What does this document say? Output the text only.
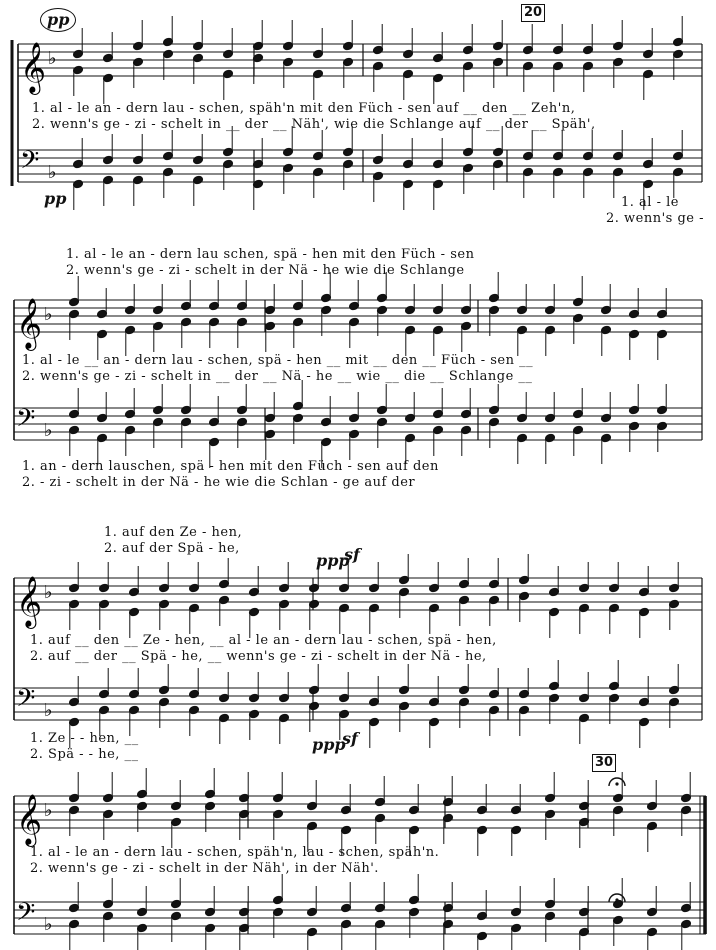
𝄞 ♭
𝄢 ♭
𝄞 ♭
𝄢 ♭
𝄞 ♭
𝄢 ♭
𝄞 ♭
𝄢 ♭
pp
pp
ppp
sf
ppp
sf
20
30
1. al - le an - dern lau - schen, späh'n mit den Füch - sen auf __ den __ Zeh'n,
2. wenn's ge - zi - schelt in __ der __ Näh', wie die Schlange auf __ der __ Späh',
1. al - le
2. wenn's ge -
1. al - le an - dern lau schen, spä - hen mit den Füch - sen
2. wenn's ge - zi - schelt in der Nä - he wie die Schlange
1. al - le __ an - dern lau - schen, spä - hen __ mit __ den __ Füch - sen __
2. wenn's ge - zi - schelt in __ der __ Nä - he __ wie __ die __ Schlange __
1. an - dern lauschen, spä - hen mit den Füch - sen auf den
2. - zi - schelt in der Nä - he wie die Schlan - ge auf der
1. auf den Ze - hen,
2. auf der Spä - he,
1. auf __ den __ Ze - hen, __ al - le an - dern lau - schen, spä - hen,
2. auf __ der __ Spä - he, __ wenn's ge - zi - schelt in der Nä - he,
1. Ze - - hen, __
2. Spä - - he, __
1. al - le an - dern lau - schen, späh'n, lau - schen, späh'n.
2. wenn's ge - zi - schelt in der Näh', in der Näh'.
